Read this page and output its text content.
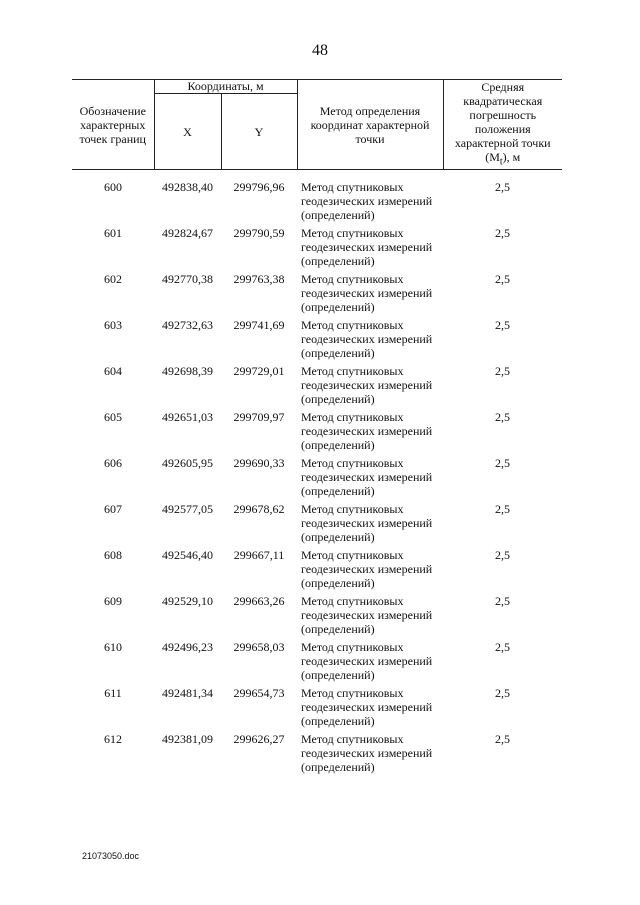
48
Обозначение характерных точек границ	Координаты, м		Метод определения координат характерной точки	Средняя квадратическая погрешность положения характерной точки $(M_t)$, м
	X	Y		
600	492838,40	299796,96	Метод спутниковых геодезических измерений (определений)	2,5
601	492824,67	299790,59	Метод спутниковых геодезических измерений (определений)	2,5
602	492770,38	299763,38	Метод спутниковых геодезических измерений (определений)	2,5
603	492732,63	299741,69	Метод спутниковых геодезических измерений (определений)	2,5
604	492698,39	299729,01	Метод спутниковых геодезических измерений (определений)	2,5
605	492651,03	299709,97	Метод спутниковых геодезических измерений (определений)	2,5
606	492605,95	299690,33	Метод спутниковых геодезических измерений (определений)	2,5
607	492577,05	299678,62	Метод спутниковых геодезических измерений (определений)	2,5
608	492546,40	299667,11	Метод спутниковых геодезических измерений (определений)	2,5
609	492529,10	299663,26	Метод спутниковых геодезических измерений (определений)	2,5
610	492496,23	299658,03	Метод спутниковых геодезических измерений (определений)	2,5
611	492481,34	299654,73	Метод спутниковых геодезических измерений (определений)	2,5
612	492381,09	299626,27	Метод спутниковых геодезических измерений (определений)	2,5
21073050.doc
